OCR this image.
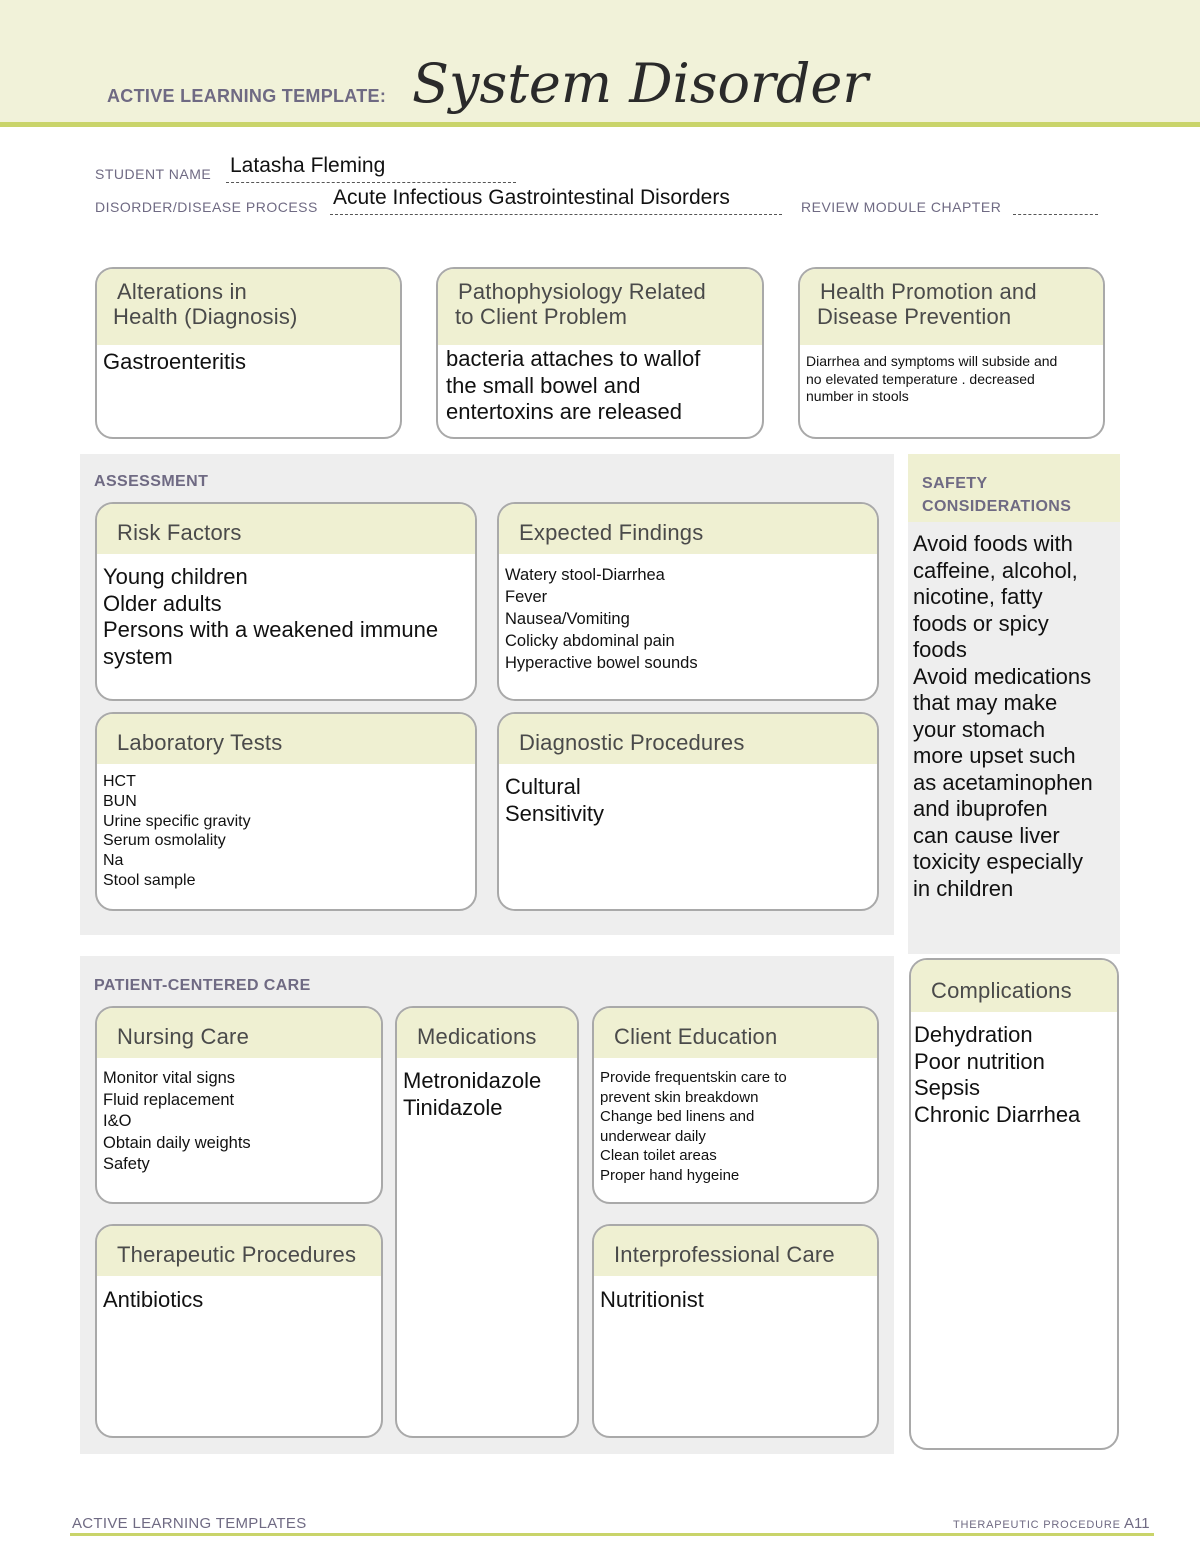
ACTIVE LEARNING TEMPLATE: System Disorder
STUDENT NAME Latasha Fleming
DISORDER/DISEASE PROCESS Acute Infectious Gastrointestinal Disorders	REVIEW MODULE CHAPTER
Alterations in
Health (Diagnosis)
Gastroenteritis
Pathophysiology Related
to Client Problem
bacteria attaches to wallof
the small bowel and
entertoxins are released
Health Promotion and
Disease Prevention
Diarrhea and symptoms will subside and
no elevated temperature . decreased
number in stools
ASSESSMENT
Risk Factors
Young children
Older adults
Persons with a weakened immune
system
Expected Findings
Watery stool-Diarrhea
Fever
Nausea/Vomiting
Colicky abdominal pain
Hyperactive bowel sounds
Laboratory Tests
HCT
BUN
Urine specific gravity
Serum osmolality
Na
Stool sample
Diagnostic Procedures
Cultural
Sensitivity
SAFETY
CONSIDERATIONS
Avoid foods with
caffeine, alcohol,
nicotine, fatty
foods or spicy
foods
Avoid medications
that may make
your stomach
more upset such
as acetaminophen
and ibuprofen
can cause liver
toxicity especially
in children
PATIENT-CENTERED CARE
Nursing Care
Monitor vital signs
Fluid replacement
I&O
Obtain daily weights
Safety
Medications
Metronidazole
Tinidazole
Client Education
Provide frequentskin care to
prevent skin breakdown
Change bed linens and
underwear daily
Clean toilet areas
Proper hand hygeine
Therapeutic Procedures
Antibiotics
Interprofessional Care
Nutritionist
Complications
Dehydration
Poor nutrition
Sepsis
Chronic Diarrhea
ACTIVE LEARNING TEMPLATES	THERAPEUTIC PROCEDURE A11
